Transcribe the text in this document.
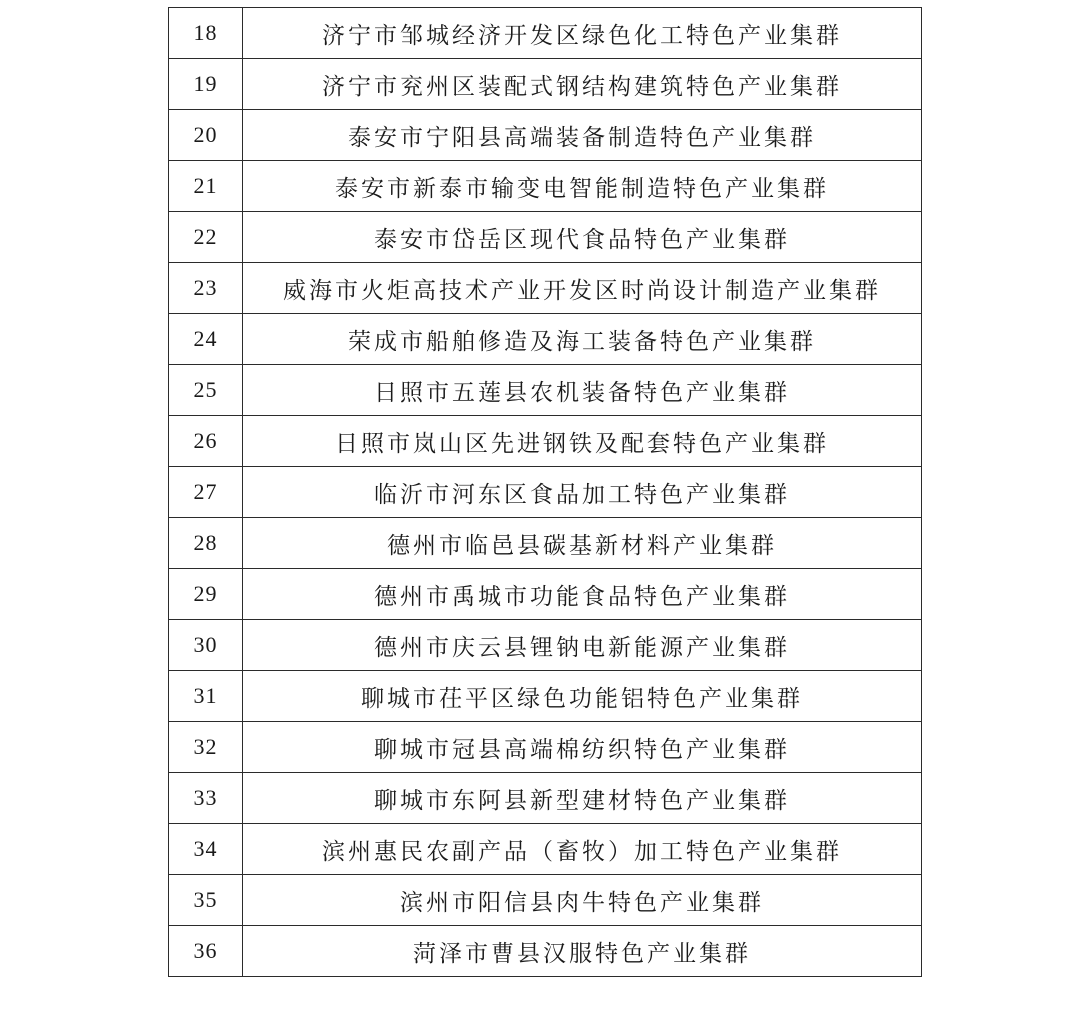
18	济宁市邹城经济开发区绿色化工特色产业集群
19	济宁市兖州区装配式钢结构建筑特色产业集群
20	泰安市宁阳县高端装备制造特色产业集群
21	泰安市新泰市输变电智能制造特色产业集群
22	泰安市岱岳区现代食品特色产业集群
23	威海市火炬高技术产业开发区时尚设计制造产业集群
24	荣成市船舶修造及海工装备特色产业集群
25	日照市五莲县农机装备特色产业集群
26	日照市岚山区先进钢铁及配套特色产业集群
27	临沂市河东区食品加工特色产业集群
28	德州市临邑县碳基新材料产业集群
29	德州市禹城市功能食品特色产业集群
30	德州市庆云县锂钠电新能源产业集群
31	聊城市茌平区绿色功能铝特色产业集群
32	聊城市冠县高端棉纺织特色产业集群
33	聊城市东阿县新型建材特色产业集群
34	滨州惠民农副产品（畜牧）加工特色产业集群
35	滨州市阳信县肉牛特色产业集群
36	菏泽市曹县汉服特色产业集群
